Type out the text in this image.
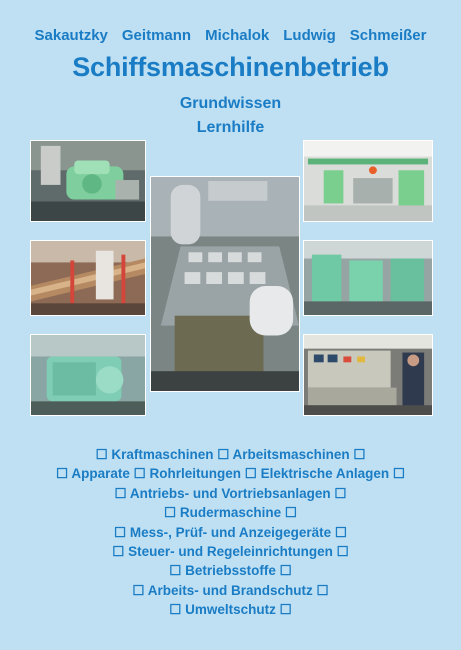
Sakautzky Geitmann Michalok Ludwig Schmeißer
Schiffsmaschinenbetrieb
Grundwissen
Lernhilfe
☐ Kraftmaschinen ☐ Arbeitsmaschinen ☐
☐ Apparate ☐ Rohrleitungen ☐ Elektrische Anlagen ☐
☐ Antriebs- und Vortriebsanlagen ☐
☐ Rudermaschine ☐
☐ Mess-, Prüf- und Anzeigegeräte ☐
☐ Steuer- und Regeleinrichtungen ☐
☐ Betriebsstoffe ☐
☐ Arbeits- und Brandschutz ☐
☐ Umweltschutz ☐
